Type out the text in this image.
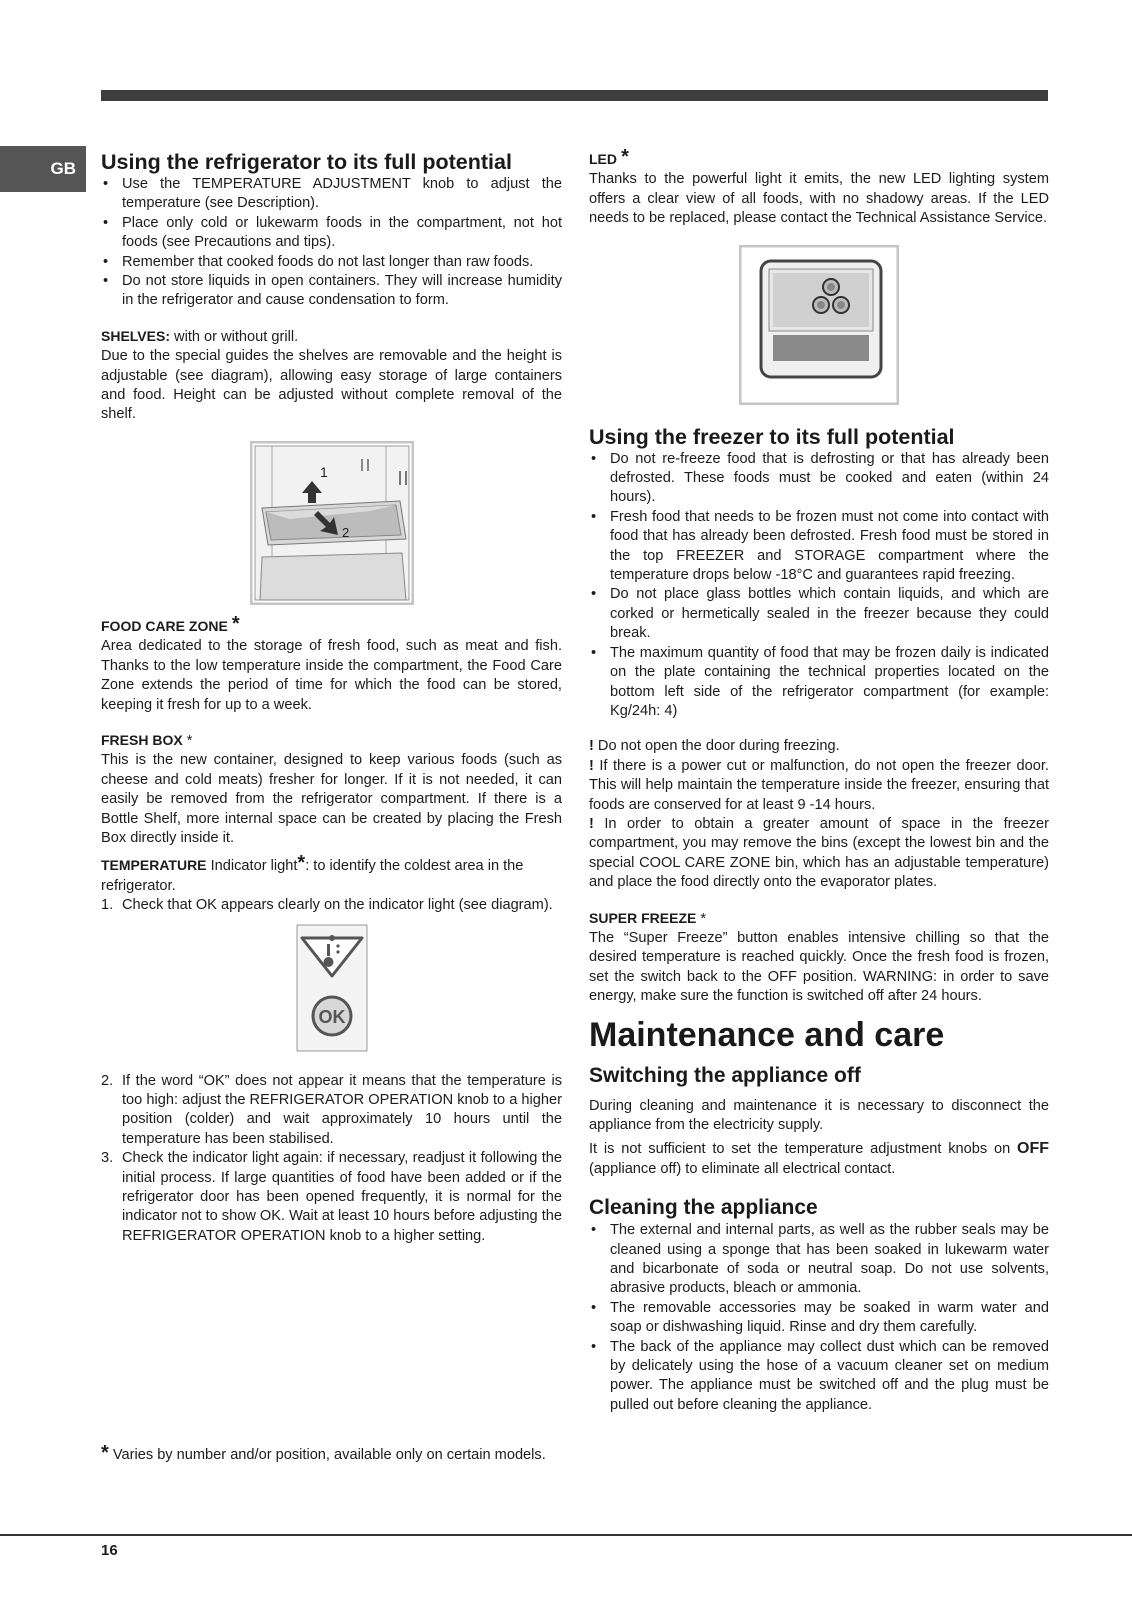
GB Using the refrigerator to its full potential
• Use the TEMPERATURE ADJUSTMENT knob to adjust the temperature (see Description).
• Place only cold or lukewarm foods in the compartment, not hot foods (see Precautions and tips).
• Remember that cooked foods do not last longer than raw foods.
• Do not store liquids in open containers. They will increase humidity in the refrigerator and cause condensation to form.

SHELVES: with or without grill.

Due to the special guides the shelves are removable and the height is adjustable (see diagram), allowing easy storage of large containers and food. Height can be adjusted without complete removal of the shelf.

1
2

FOOD CARE ZONE *

Area dedicated to the storage of fresh food, such as meat and fish. Thanks to the low temperature inside the compartment, the Food Care Zone extends the period of time for which the food can be stored, keeping it fresh for up to a week.

FRESH BOX *

This is the new container, designed to keep various foods (such as cheese and cold meats) fresher for longer. If it is not needed, it can easily be removed from the refrigerator compartment. If there is a Bottle Shelf, more internal space can be created by placing the Fresh Box directly inside it.

TEMPERATURE Indicator light*: to identify the coldest area in the refrigerator.

1. Check that OK appears clearly on the indicator light (see diagram).
OK
2. If the word “OK” does not appear it means that the temperature is too high: adjust the REFRIGERATOR OPERATION knob to a higher position (colder) and wait approximately 10 hours until the temperature has been stabilised.
3. Check the indicator light again: if necessary, readjust it following the initial process. If large quantities of food have been added or if the refrigerator door has been opened frequently, it is normal for the indicator not to show OK. Wait at least 10 hours before adjusting the REFRIGERATOR OPERATION knob to a higher setting.

* Varies by number and/or position, available only on certain models.

LED *

Thanks to the powerful light it emits, the new LED lighting system offers a clear view of all foods, with no shadowy areas. If the LED needs to be replaced, please contact the Technical Assistance Service.

Using the freezer to its full potential
• Do not re-freeze food that is defrosting or that has already been defrosted. These foods must be cooked and eaten (within 24 hours).
• Fresh food that needs to be frozen must not come into contact with food that has already been defrosted. Fresh food must be stored in the top FREEZER and STORAGE compartment where the temperature drops below -18°C and guarantees rapid freezing.
• Do not place glass bottles which contain liquids, and which are corked or hermetically sealed in the freezer because they could break.
• The maximum quantity of food that may be frozen daily is indicated on the plate containing the technical properties located on the bottom left side of the refrigerator compartment (for example: Kg/24h: 4)

! Do not open the door during freezing.

! If there is a power cut or malfunction, do not open the freezer door. This will help maintain the temperature inside the freezer, ensuring that foods are conserved for at least 9 -14 hours.

! In order to obtain a greater amount of space in the freezer compartment, you may remove the bins (except the lowest bin and the special COOL CARE ZONE bin, which has an adjustable temperature) and place the food directly onto the evaporator plates.

SUPER FREEZE *

The “Super Freeze” button enables intensive chilling so that the desired temperature is reached quickly. Once the fresh food is frozen, set the switch back to the OFF position. WARNING: in order to save energy, make sure the function is switched off after 24 hours.

Maintenance and care
Switching the appliance off

During cleaning and maintenance it is necessary to disconnect the appliance from the electricity supply.

It is not sufficient to set the temperature adjustment knobs on OFF (appliance off) to eliminate all electrical contact.

Cleaning the appliance
• The external and internal parts, as well as the rubber seals may be cleaned using a sponge that has been soaked in lukewarm water and bicarbonate of soda or neutral soap. Do not use solvents, abrasive products, bleach or ammonia.
• The removable accessories may be soaked in warm water and soap or dishwashing liquid. Rinse and dry them carefully.
• The back of the appliance may collect dust which can be removed by delicately using the hose of a vacuum cleaner set on medium power. The appliance must be switched off and the plug must be pulled out before cleaning the appliance.
16
